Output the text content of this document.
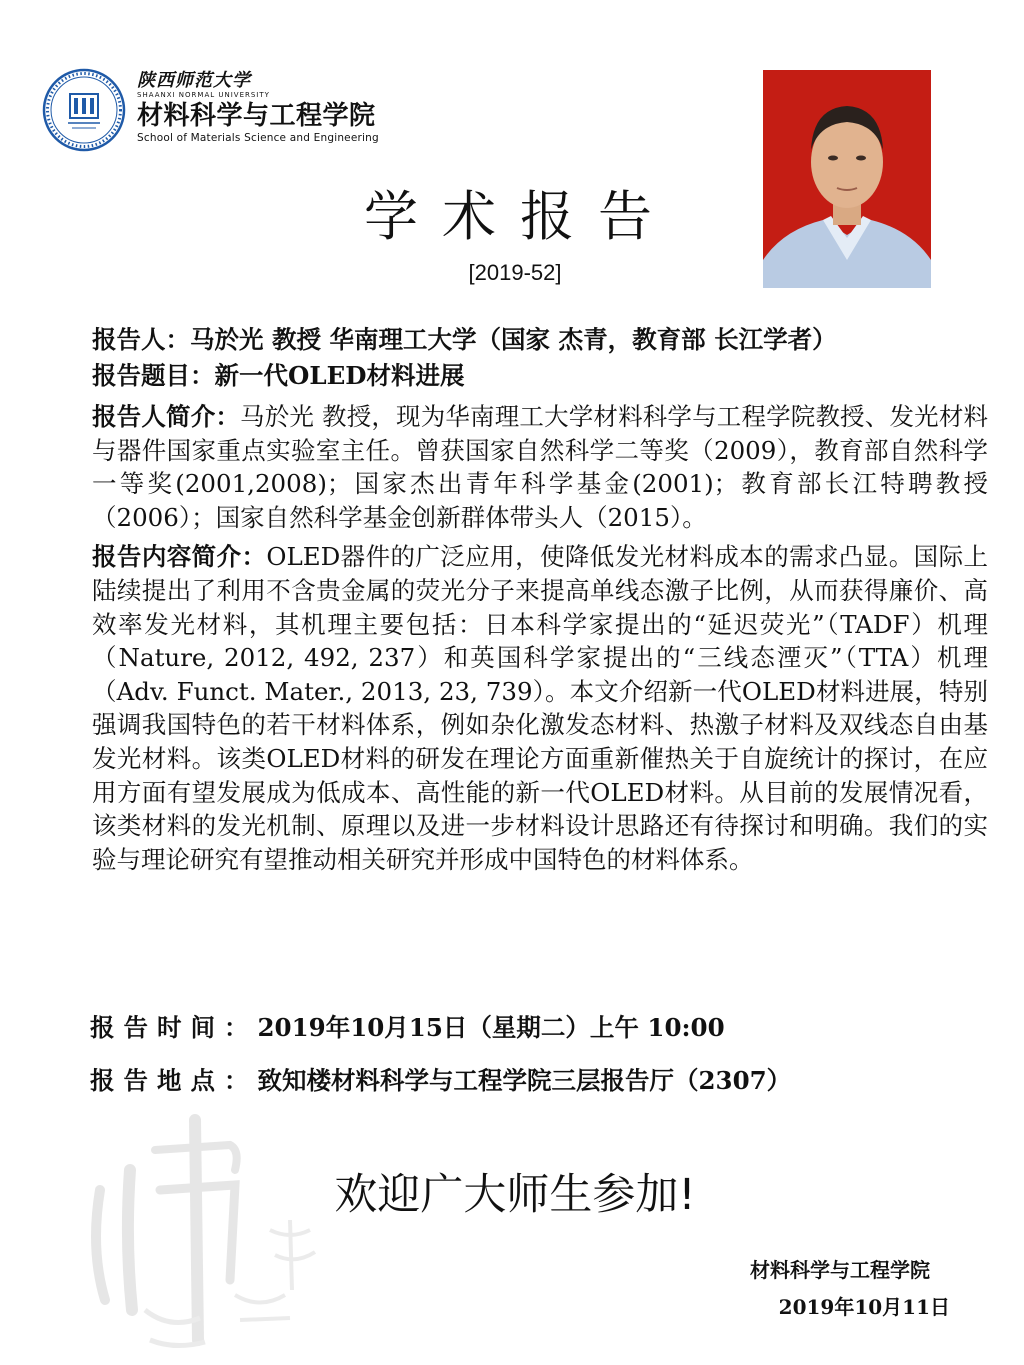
陕西师范大学
SHAANXI NORMAL UNIVERSITY
材料科学与工程学院
School of Materials Science and Engineering
学术报告
[2019-52]
报告人：马於光 教授 华南理工大学（国家 杰青，教育部 长江学者）
报告题目：新一代OLED材料进展
报告人简介：马於光 教授，现为华南理工大学材料科学与工程学院教授、发光材料与器件国家重点实验室主任。曾获国家自然科学二等奖（2009），教育部自然科学一等奖(2001,2008)；国家杰出青年科学基金(2001)；教育部长江特聘教授（2006）；国家自然科学基金创新群体带头人（2015）。
报告内容简介：OLED器件的广泛应用，使降低发光材料成本的需求凸显。国际上陆续提出了利用不含贵金属的荧光分子来提高单线态激子比例，从而获得廉价、高效率发光材料，其机理主要包括：日本科学家提出的“延迟荧光”（TADF）机理（Nature, 2012, 492, 237）和英国科学家提出的“三线态湮灭”（TTA）机理（Adv. Funct. Mater., 2013, 23, 739）。本文介绍新一代OLED材料进展，特别强调我国特色的若干材料体系，例如杂化激发态材料、热激子材料及双线态自由基发光材料。该类OLED材料的研发在理论方面重新催热关于自旋统计的探讨，在应用方面有望发展成为低成本、高性能的新一代OLED材料。从目前的发展情况看，该类材料的发光机制、原理以及进一步材料设计思路还有待探讨和明确。我们的实验与理论研究有望推动相关研究并形成中国特色的材料体系。
报告时间：2019年10月15日（星期二）上午 10:00
报告地点：致知楼材料科学与工程学院三层报告厅（2307）
欢迎广大师生参加!
材料科学与工程学院
2019年10月11日
